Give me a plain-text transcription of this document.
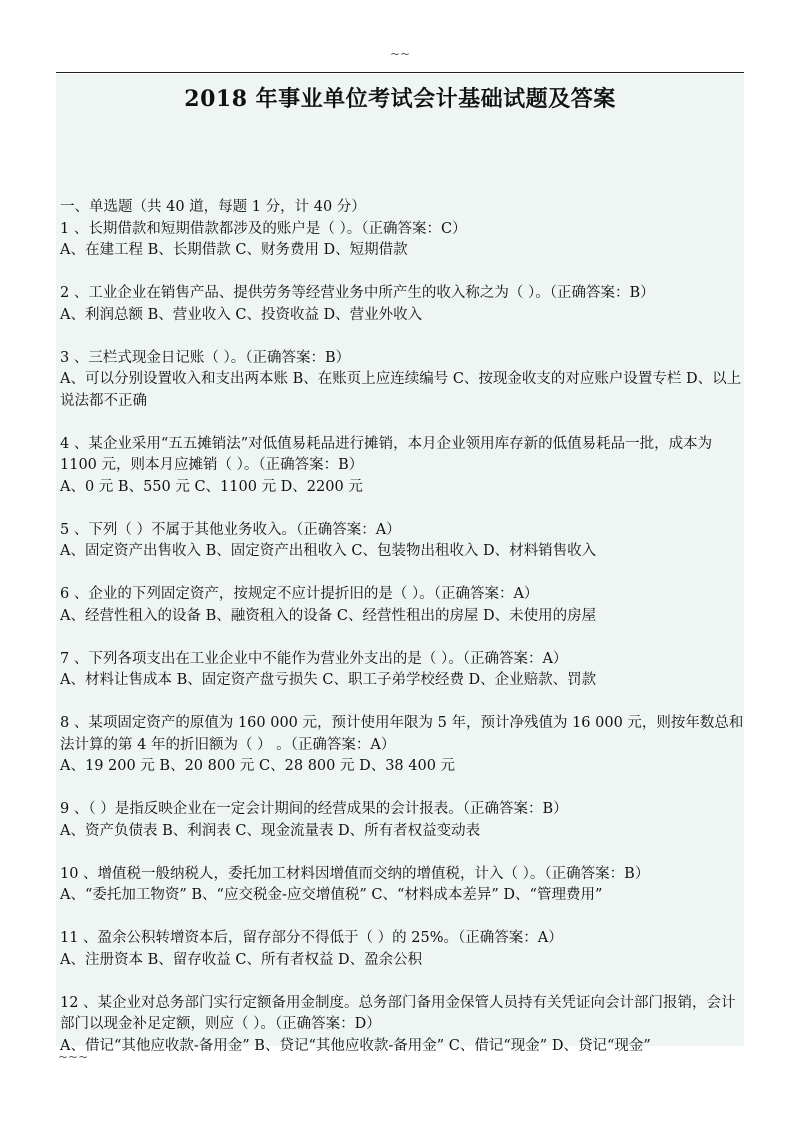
~~
2018 年事业单位考试会计基础试题及答案

一、单选题（共 40 道，每题 1 分，计 40 分）

1 、长期借款和短期借款都涉及的账户是（ ）。（正确答案：C）

A、在建工程 B、长期借款 C、财务费用 D、短期借款

2 、工业企业在销售产品、提供劳务等经营业务中所产生的收入称之为（ ）。（正确答案：B）

A、利润总额 B、营业收入 C、投资收益 D、营业外收入

3 、三栏式现金日记账（ ）。（正确答案：B）

A、可以分别设置收入和支出两本账 B、在账页上应连续编号 C、按现金收支的对应账户设置专栏 D、以上说法都不正确

4 、某企业采用“五五摊销法”对低值易耗品进行摊销，本月企业领用库存新的低值易耗品一批，成本为 1100 元，则本月应摊销（ ）。（正确答案：B）

A、0 元 B、550 元 C、1100 元 D、2200 元

5 、下列（ ）不属于其他业务收入。（正确答案：A）

A、固定资产出售收入 B、固定资产出租收入 C、包装物出租收入 D、材料销售收入

6 、企业的下列固定资产，按规定不应计提折旧的是（ ）。（正确答案：A）

A、经营性租入的设备 B、融资租入的设备 C、经营性租出的房屋 D、未使用的房屋

7 、下列各项支出在工业企业中不能作为营业外支出的是（ ）。（正确答案：A）

A、材料让售成本 B、固定资产盘亏损失 C、职工子弟学校经费 D、企业赔款、罚款

8 、某项固定资产的原值为 160 000 元，预计使用年限为 5 年，预计净残值为 16 000 元，则按年数总和法计算的第 4 年的折旧额为（ ） 。（正确答案：A）

A、19 200 元 B、20 800 元 C、28 800 元 D、38 400 元

9 、（ ）是指反映企业在一定会计期间的经营成果的会计报表。（正确答案：B）

A、资产负债表 B、利润表 C、现金流量表 D、所有者权益变动表

10 、增值税一般纳税人，委托加工材料因增值而交纳的增值税，计入（ ）。（正确答案：B）

A、“委托加工物资” B、“应交税金-应交增值税” C、“材料成本差异” D、“管理费用”

11 、盈余公积转增资本后，留存部分不得低于（ ）的 25%。（正确答案：A）

A、注册资本 B、留存收益 C、所有者权益 D、盈余公积

12 、某企业对总务部门实行定额备用金制度。总务部门备用金保管人员持有关凭证向会计部门报销，会计部门以现金补足定额，则应（ ）。（正确答案：D）

A、借记“其他应收款-备用金” B、贷记“其他应收款-备用金” C、借记“现金” D、贷记“现金”

~~~
